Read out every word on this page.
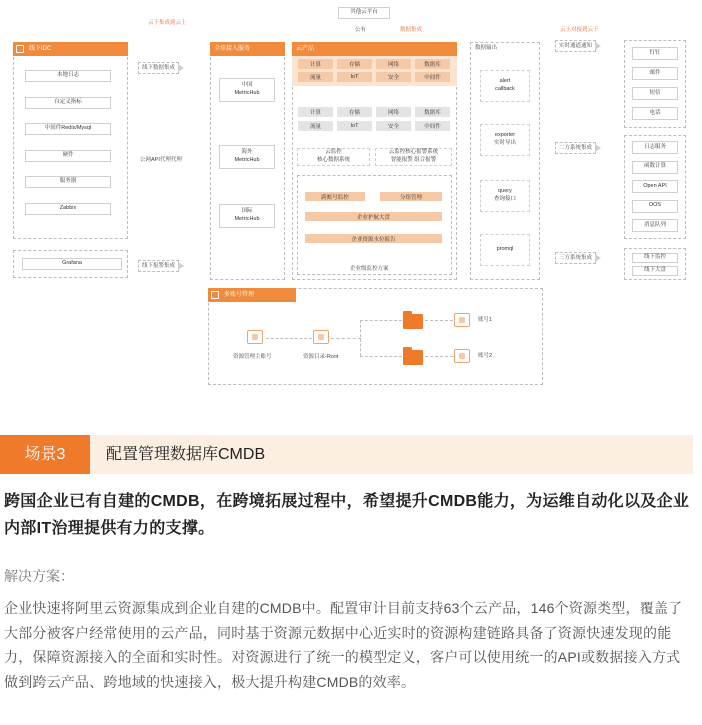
其他云平台
公有	数据集成
云下集成到云上
云上对接到云下
线下IDC
本地日志
自定义指标
中间件Redis/Mysql
硬件
服务器
Zabbix
Grafana
线下数据集成
公网API代理代理
线下报警集成
全球接入服务
中国
MetricHub
海外
MetricHub
国际
MetricHub
云产品
计算	存储	网络	数据库
流量	IoT	安全	中间件
计算	存储	网络	数据库
流量	IoT	安全	中间件
云监控
核心数据系统
云监控核心报警系统
智能报警 组合报警
跨账号监控	分组管理
企业护航大盘
企业资源水位报告
企业级监控方案
数据输出
alert
callback
exporter
实时导出
query
查询接口
promql
实时通道通知
二方系统集成
三方系统集成
钉钉
邮件
短信
电话
日志服务
函数计算
Open API
OOS
消息队列
线下监控
线下大盘
多账号管理
资源管理主账号	资源目录-Root
账号1
账号2
场景3	配置管理数据库CMDB
跨国企业已有自建的CMDB，在跨境拓展过程中，希望提升CMDB能力，为运维自动化以及企业内部IT治理提供有力的支撑。
解决方案：
企业快速将阿里云资源集成到企业自建的CMDB中。配置审计目前支持63个云产品，146个资源类型，覆盖了大部分被客户经常使用的云产品，同时基于资源元数据中心近实时的资源构建链路具备了资源快速发现的能力，保障资源接入的全面和实时性。对资源进行了统一的模型定义，客户可以使用统一的API或数据接入方式做到跨云产品、跨地域的快速接入，极大提升构建CMDB的效率。
